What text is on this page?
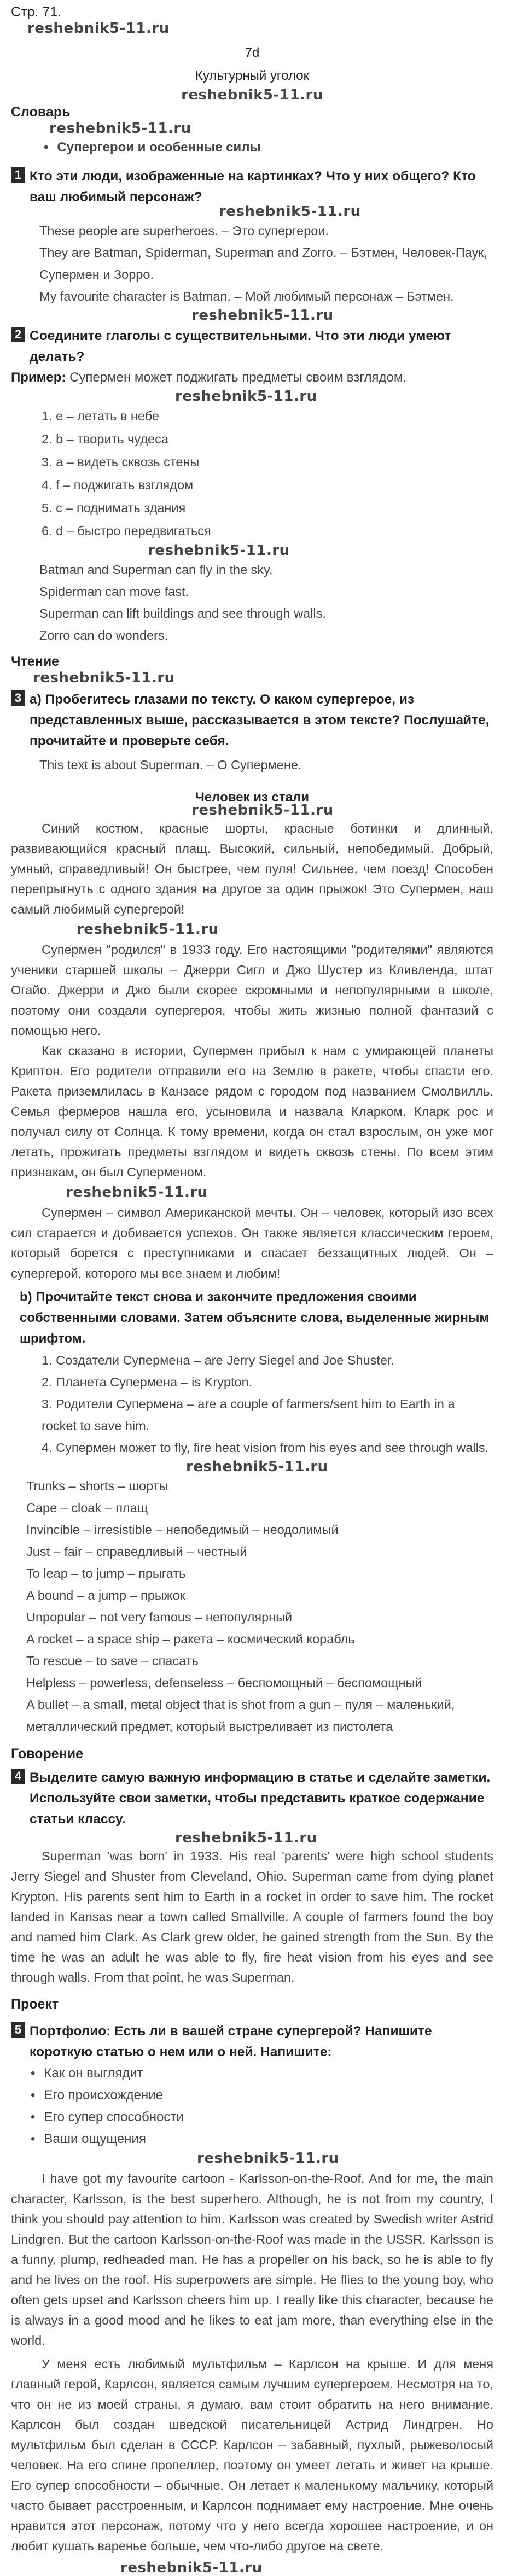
Стр. 71.
reshebnik5-11.ru
7d
Культурный уголок
reshebnik5-11.ru
Словарь
reshebnik5-11.ru
• Супергерои и особенные силы
1 Кто эти люди, изображенные на картинках? Что у них общего? Кто ваш любимый персонаж?
reshebnik5-11.ru

These people are superheroes. – Это супергерои.

They are Batman, Spiderman, Superman and Zorro. – Бэтмен, Человек-Паук, Супермен и Зорро.

My favourite character is Batman. – Мой любимый персонаж – Бэтмен.

reshebnik5-11.ru
2 Соедините глаголы с существительными. Что эти люди умеют делать?
Пример: Супермен может поджигать предметы своим взглядом.
reshebnik5-11.ru
1. e – летать в небе
2. b – творить чудеса
3. a – видеть сквозь стены
4. f – поджигать взглядом
5. c – поднимать здания
6. d – быстро передвигаться
reshebnik5-11.ru

Batman and Superman can fly in the sky.

Spiderman can move fast.

Superman can lift buildings and see through walls.

Zorro can do wonders.

Чтение
reshebnik5-11.ru
3 а) Пробегитесь глазами по тексту. О каком супергерое, из представленных выше, рассказывается в этом тексте? Послушайте, прочитайте и проверьте себя.
This text is about Superman. – О Супермене.
Человек из стали
reshebnik5-11.ru

Синий костюм, красные шорты, красные ботинки и длинный, развивающийся красный плащ. Высокий, сильный, непобедимый. Добрый, умный, справедливый! Он быстрее, чем пуля! Сильнее, чем поезд! Способен перепрыгнуть с одного здания на другое за один прыжок! Это Супермен, наш самый любимый супергерой!

reshebnik5-11.ru

Супермен "родился" в 1933 году. Его настоящими "родителями" являются ученики старшей школы – Джерри Сигл и Джо Шустер из Кливленда, штат Огайо. Джерри и Джо были скорее скромными и непопулярными в школе, поэтому они создали супергероя, чтобы жить жизнью полной фантазий с помощью него.

Как сказано в истории, Супермен прибыл к нам с умирающей планеты Криптон. Его родители отправили его на Землю в ракете, чтобы спасти его. Ракета приземлилась в Канзасе рядом с городом под названием Смолвилль. Семья фермеров нашла его, усыновила и назвала Кларком. Кларк рос и получал силу от Солнца. К тому времени, когда он стал взрослым, он уже мог летать, прожигать предметы взглядом и видеть сквозь стены. По всем этим признакам, он был Суперменом.

reshebnik5-11.ru

Супермен – символ Американской мечты. Он – человек, который изо всех сил старается и добивается успехов. Он также является классическим героем, который борется с преступниками и спасает беззащитных людей. Он – супергерой, которого мы все знаем и любим!

b) Прочитайте текст снова и закончите предложения своими собственными словами. Затем объясните слова, выделенные жирным шрифтом.

1. Создатели Супермена – are Jerry Siegel and Joe Shuster.

2. Планета Супермена – is Krypton.

3. Родители Супермена – are a couple of farmers/sent him to Earth in a rocket to save him.

4. Супермен может to fly, fire heat vision from his eyes and see through walls.

reshebnik5-11.ru

Trunks – shorts – шорты

Cape – cloak – плащ

Invincible – irresistible – непобедимый – неодолимый

Just – fair – справедливый – честный

To leap – to jump – прыгать

A bound – a jump – прыжок

Unpopular – not very famous – непопулярный

A rocket – a space ship – ракета – космический корабль

To rescue – to save – спасать

Helpless – powerless, defenseless – беспомощный – беспомощный

A bullet – a small, metal object that is shot from a gun – пуля – маленький, металлический предмет, который выстреливает из пистолета

Говорение
4 Выделите самую важную информацию в статье и сделайте заметки. Используйте свои заметки, чтобы представить краткое содержание статьи классу.
reshebnik5-11.ru

Superman 'was born' in 1933. His real 'parents' were high school students Jerry Siegel and Shuster from Cleveland, Ohio. Superman came from dying planet Krypton. His parents sent him to Earth in a rocket in order to save him. The rocket landed in Kansas near a town called Smallville. A couple of farmers found the boy and named him Clark. As Clark grew older, he gained strength from the Sun. By the time he was an adult he was able to fly, fire heat vision from his eyes and see through walls. From that point, he was Superman.

Проект
5 Портфолио: Есть ли в вашей стране супергерой? Напишите короткую статью о нем или о ней. Напишите:
• Как он выглядит
• Его происхождение
• Его супер способности
• Ваши ощущения
reshebnik5-11.ru

I have got my favourite cartoon - Karlsson-on-the-Roof. And for me, the main character, Karlsson, is the best superhero. Although, he is not from my country, I think you should pay attention to him. Karlsson was created by Swedish writer Astrid Lindgren. But the cartoon Karlsson-on-the-Roof was made in the USSR. Karlsson is a funny, plump, redheaded man. He has a propeller on his back, so he is able to fly and he lives on the roof. His superpowers are simple. He flies to the young boy, who often gets upset and Karlsson cheers him up. I really like this character, because he is always in a good mood and he likes to eat jam more, than everything else in the world.

У меня есть любимый мультфильм – Карлсон на крыше. И для меня главный герой, Карлсон, является самым лучшим супергероем. Несмотря на то, что он не из моей страны, я думаю, вам стоит обратить на него внимание. Карлсон был создан шведской писательницей Астрид Линдгрен. Но мультфильм был сделан в СССР. Карлсон – забавный, пухлый, рыжеволосый человек. На его спине пропеллер, поэтому он умеет летать и живет на крыше. Его супер способности – обычные. Он летает к маленькому мальчику, который часто бывает расстроенным, и Карлсон поднимает ему настроение. Мне очень нравится этот персонаж, потому что у него всегда хорошее настроение, и он любит кушать варенье больше, чем что-либо другое на свете.

reshebnik5-11.ru
